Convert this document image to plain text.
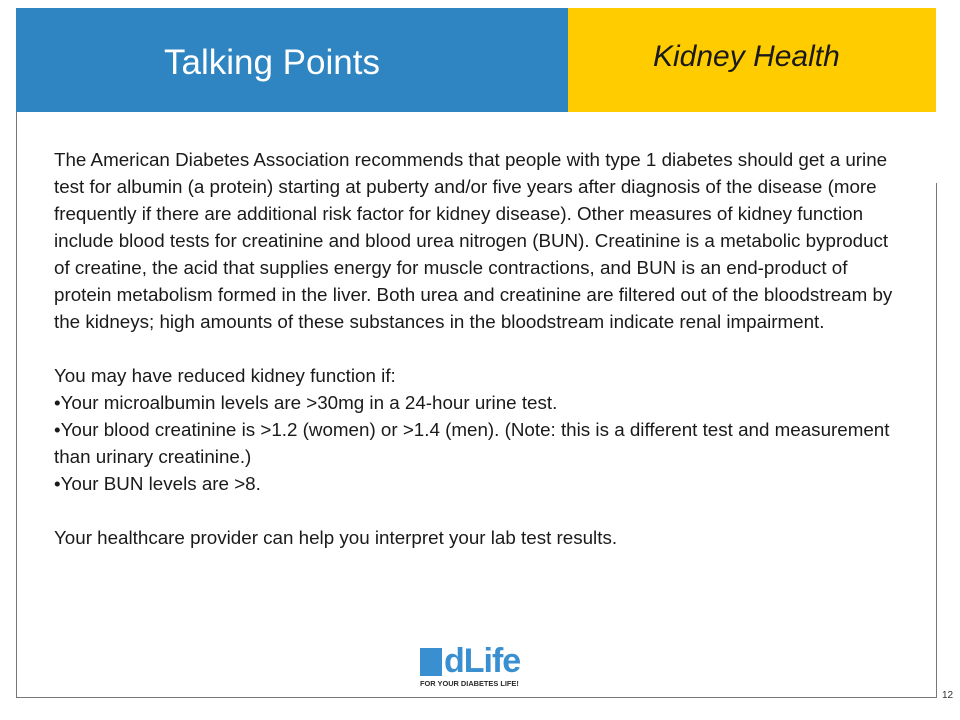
Talking Points	Kidney Health

The American Diabetes Association recommends that people with type 1 diabetes should get a urine test for albumin (a protein) starting at puberty and/or five years after diagnosis of the disease (more frequently if there are additional risk factor for kidney disease). Other measures of kidney function include blood tests for creatinine and blood urea nitrogen (BUN). Creatinine is a metabolic byproduct of creatine, the acid that supplies energy for muscle contractions, and BUN is an end-product of protein metabolism formed in the liver. Both urea and creatinine are filtered out of the bloodstream by the kidneys; high amounts of these substances in the bloodstream indicate renal impairment.

You may have reduced kidney function if:

•Your microalbumin levels are >30mg in a 24-hour urine test.

•Your blood creatinine is >1.2 (women) or >1.4 (men). (Note: this is a different test and measurement than urinary creatinine.)

•Your BUN levels are >8.

Your healthcare provider can help you interpret your lab test results.

dLife
FOR YOUR DIABETES LIFE!
12
